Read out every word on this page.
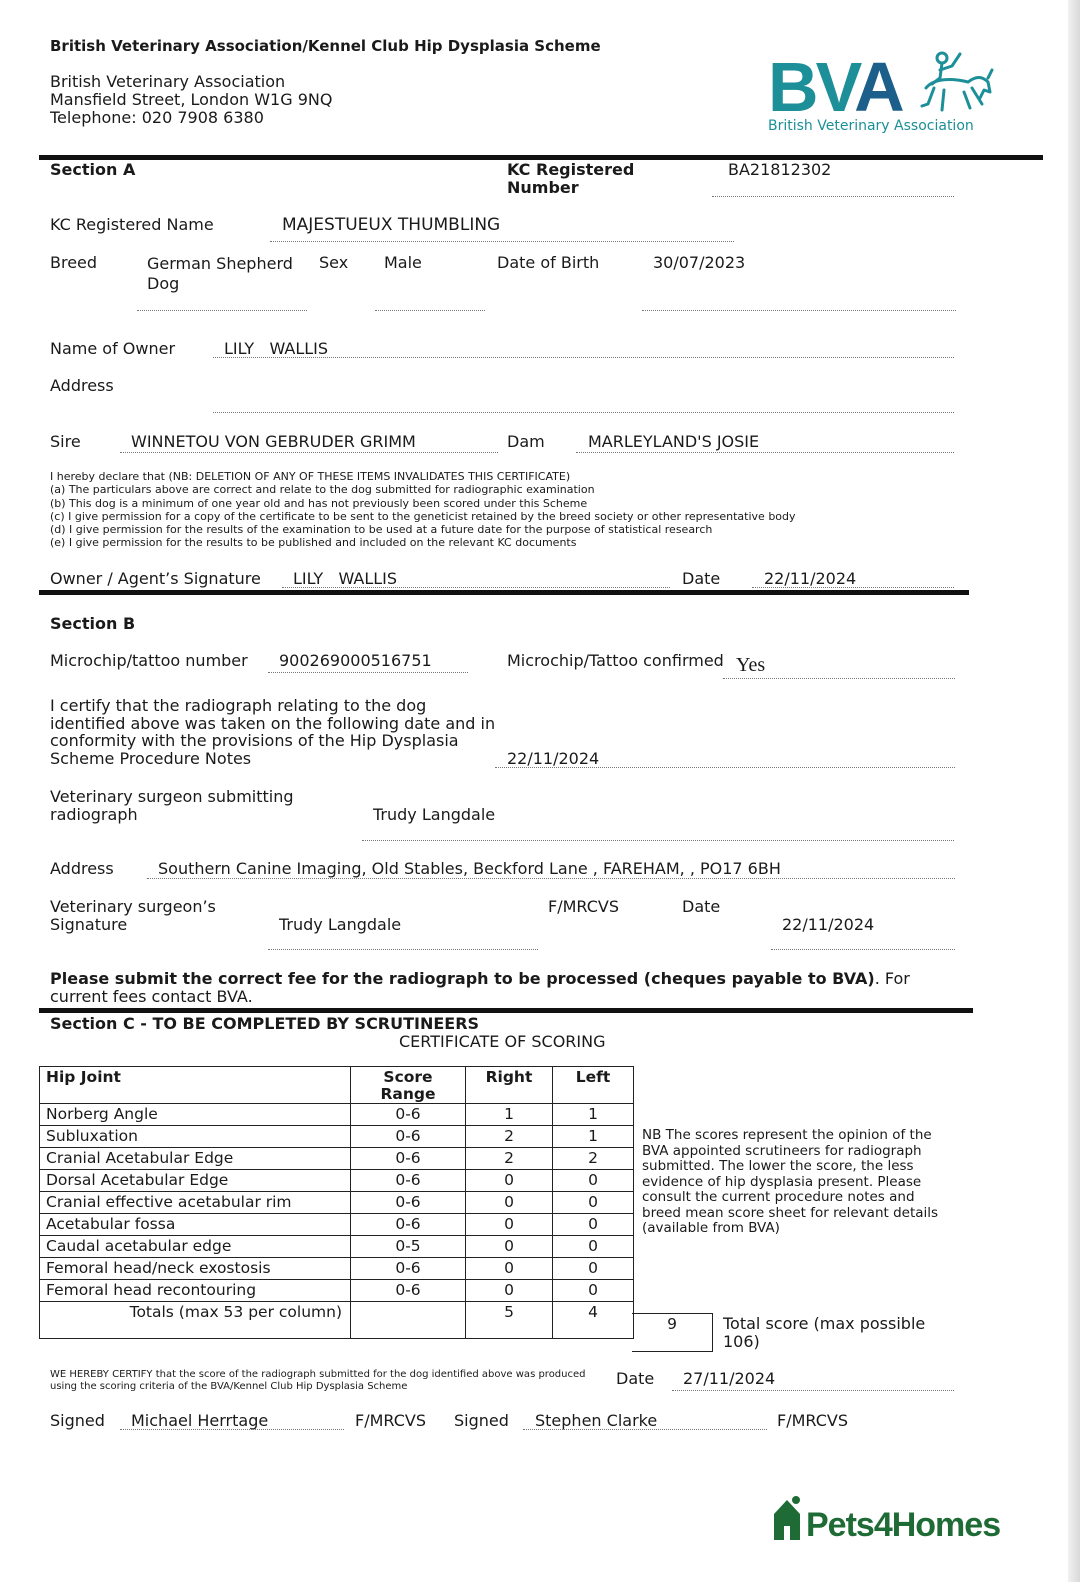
British Veterinary Association/Kennel Club Hip Dysplasia Scheme
British Veterinary Association
Mansfield Street, London W1G 9NQ
Telephone: 020 7908 6380	BVA
British Veterinary Association
Section A	KC Registered Number
BA21812302
KC Registered Name	MAJESTUEUX THUMBLING
Breed	German Shepherd Dog
Sex Male	Date of Birth	30/07/2023
Name of Owner	LILY   WALLIS
Address
Sire	WINNETOU VON GEBRUDER GRIMM	Dam	MARLEYLAND'S JOSIE
I hereby declare that (NB: DELETION OF ANY OF THESE ITEMS INVALIDATES THIS CERTIFICATE)
(a) The particulars above are correct and relate to the dog submitted for radiographic examination
(b) This dog is a minimum of one year old and has not previously been scored under this Scheme
(c) I give permission for a copy of the certificate to be sent to the geneticist retained by the breed society or other representative body
(d) I give permission for the results of the examination to be used at a future date for the purpose of statistical research
(e) I give permission for the results to be published and included on the relevant KC documents
Owner / Agent’s Signature LILY   WALLIS	Date	22/11/2024
Section B
Microchip/tattoo number 900269000516751	Microchip/Tattoo confirmed Yes
I certify that the radiograph relating to the dog identified above was taken on the following date and in conformity with the provisions of the Hip Dysplasia Scheme Procedure Notes	22/11/2024
Veterinary surgeon submitting radiograph	Trudy Langdale
Address	Southern Canine Imaging, Old Stables, Beckford Lane , FAREHAM, , PO17 6BH
Veterinary surgeon’s Signature	Trudy Langdale
F/MRCVS	Date
22/11/2024
Please submit the correct fee for the radiograph to be processed (cheques payable to BVA). For current fees contact BVA.
Section C - TO BE COMPLETED BY SCRUTINEERS
CERTIFICATE OF SCORING
Hip Joint	Score Range	Right	Left
Norberg Angle	0-6	1	1
Subluxation	0-6	2	1
Cranial Acetabular Edge	0-6	2	2
Dorsal Acetabular Edge	0-6	0	0
Cranial effective acetabular rim	0-6	0	0
Acetabular fossa	0-6	0	0
Caudal acetabular edge	0-5	0	0
Femoral head/neck exostosis	0-6	0	0
Femoral head recontouring	0-6	0	0
Totals (max 53 per column)		5	4
9	Total score (max possible 106)
NB The scores represent the opinion of the BVA appointed scrutineers for radiograph submitted. The lower the score, the less evidence of hip dysplasia present. Please consult the current procedure notes and breed mean score sheet for relevant details (available from BVA)
WE HEREBY CERTIFY that the score of the radiograph submitted for the dog identified above was produced using the scoring criteria of the BVA/Kennel Club Hip Dysplasia Scheme	Date 27/11/2024
Signed Michael Herrtage	F/MRCVS Signed Stephen Clarke	F/MRCVS
Pets4Homes
